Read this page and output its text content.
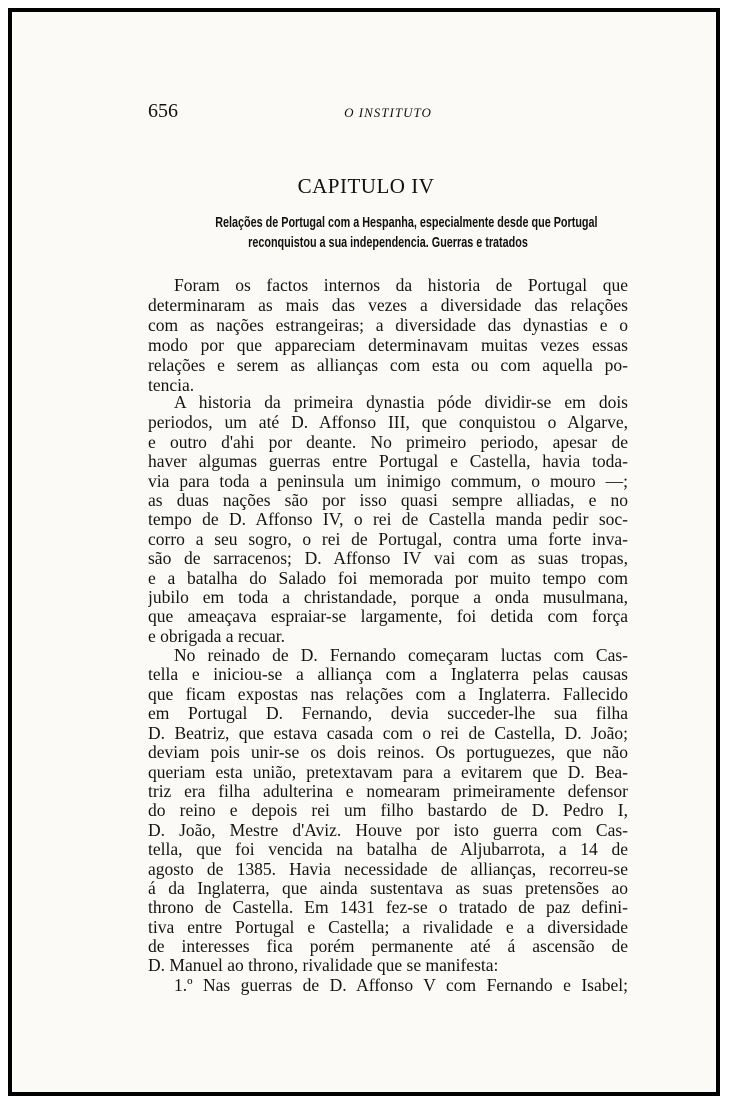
656	O INSTITUTO
CAPITULO IV
Relações de Portugal com a Hespanha, especialmente desde que Portugal
reconquistou a sua independencia. Guerras e tratados
Foram os factos internos da historia de Portugal que
determinaram as mais das vezes a diversidade das relações
com as nações estrangeiras; a diversidade das dynastias e o
modo por que appareciam determinavam muitas vezes essas
relações e serem as allianças com esta ou com aquella po-
tencia.
A historia da primeira dynastia póde dividir-se em dois
periodos, um até D. Affonso III, que conquistou o Algarve,
e outro d'ahi por deante. No primeiro periodo, apesar de
haver algumas guerras entre Portugal e Castella, havia toda-
via para toda a peninsula um inimigo commum, o mouro —;
as duas nações são por isso quasi sempre alliadas, e no
tempo de D. Affonso IV, o rei de Castella manda pedir soc-
corro a seu sogro, o rei de Portugal, contra uma forte inva-
são de sarracenos; D. Affonso IV vai com as suas tropas,
e a batalha do Salado foi memorada por muito tempo com
jubilo em toda a christandade, porque a onda musulmana,
que ameaçava espraiar-se largamente, foi detida com força
e obrigada a recuar.
No reinado de D. Fernando começaram luctas com Cas-
tella e iniciou-se a alliança com a Inglaterra pelas causas
que ficam expostas nas relações com a Inglaterra. Fallecido
em Portugal D. Fernando, devia succeder-lhe sua filha
D. Beatriz, que estava casada com o rei de Castella, D. João;
deviam pois unir-se os dois reinos. Os portuguezes, que não
queriam esta união, pretextavam para a evitarem que D. Bea-
triz era filha adulterina e nomearam primeiramente defensor
do reino e depois rei um filho bastardo de D. Pedro I,
D. João, Mestre d'Aviz. Houve por isto guerra com Cas-
tella, que foi vencida na batalha de Aljubarrota, a 14 de
agosto de 1385. Havia necessidade de allianças, recorreu-se
á da Inglaterra, que ainda sustentava as suas pretensões ao
throno de Castella. Em 1431 fez-se o tratado de paz defini-
tiva entre Portugal e Castella; a rivalidade e a diversidade
de interesses fica porém permanente até á ascensão de
D. Manuel ao throno, rivalidade que se manifesta:
1.º Nas guerras de D. Affonso V com Fernando e Isabel;
